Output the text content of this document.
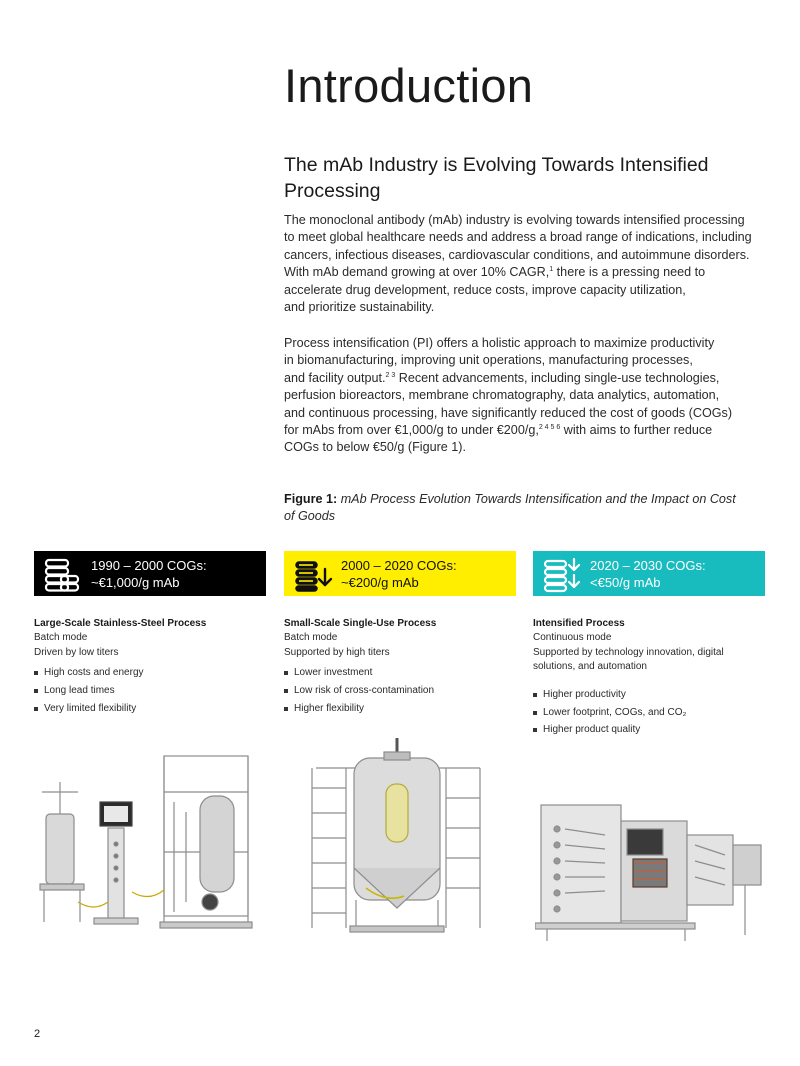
Introduction
The mAb Industry is Evolving Towards Intensified Processing

The monoclonal antibody (mAb) industry is evolving towards intensified processing
to meet global healthcare needs and address a broad range of indications, including
cancers, infectious diseases, cardiovascular conditions, and autoimmune disorders.
With mAb demand growing at over 10% CAGR,$^1$ there is a pressing need to
accelerate drug development, reduce costs, improve capacity utilization,
and prioritize sustainability.

Process intensification (PI) offers a holistic approach to maximize productivity
in biomanufacturing, improving unit operations, manufacturing processes,
and facility output.$^{2 3}$ Recent advancements, including single-use technologies,
perfusion bioreactors, membrane chromatography, data analytics, automation,
and continuous processing, have significantly reduced the cost of goods (COGs)
for mAbs from over €1,000/g to under €200/g,$^{2 4 5 6}$ with aims to further reduce
COGs to below €50/g (Figure 1).

Figure 1: mAb Process Evolution Towards Intensification and the Impact on Cost of Goods
1990 – 2000 COGs:
~€1,000/g mAb
2000 – 2020 COGs:
~€200/g mAb
2020 – 2030 COGs:
<€50/g mAb
Large-Scale Stainless-Steel Process
Batch mode
Driven by low titers
High costs and energy
Long lead times
Very limited flexibility
Small-Scale Single-Use Process
Batch mode
Supported by high titers
Lower investment
Low risk of cross-contamination
Higher flexibility
Intensified Process
Continuous mode
Supported by technology innovation, digital solutions, and automation
Higher productivity
Lower footprint, COGs, and CO₂
Higher product quality
2
